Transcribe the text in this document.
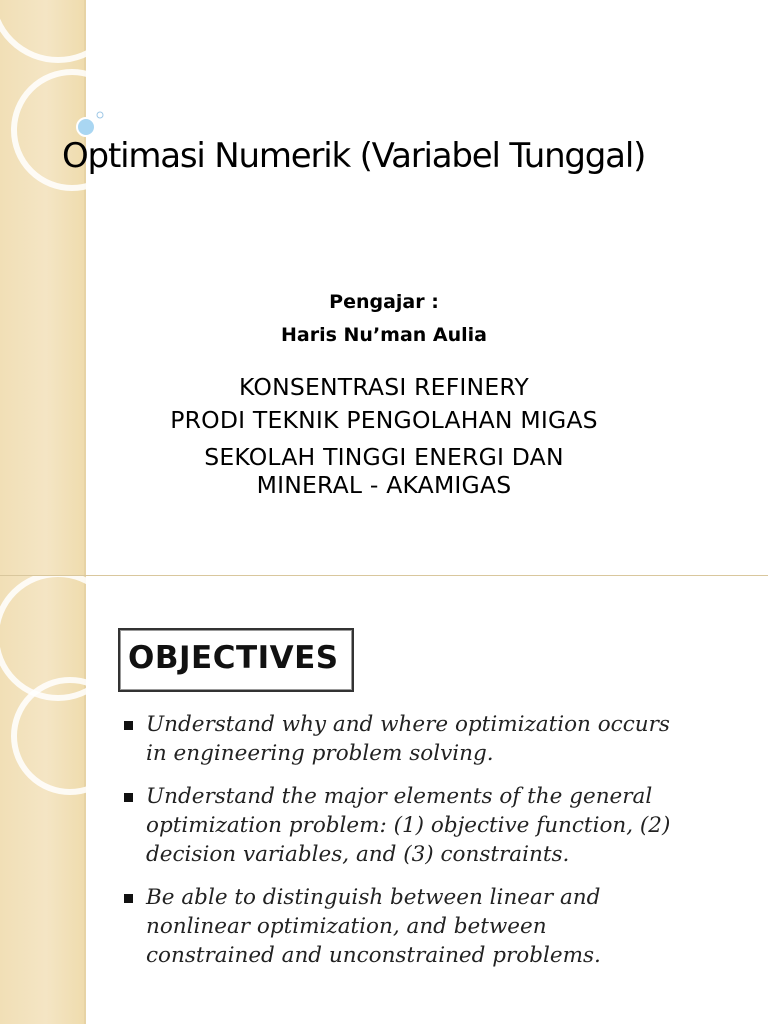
Optimasi Numerik (Variabel Tunggal)
Pengajar :
Haris Nu’man Aulia
KONSENTRASI REFINERY
PRODI TEKNIK PENGOLAHAN MIGAS
SEKOLAH TINGGI ENERGI DAN
MINERAL - AKAMIGAS
OBJECTIVES
Understand why and where optimization occurs
in engineering problem solving.
Understand the major elements of the general
optimization problem: (1) objective function, (2)
decision variables, and (3) constraints.
Be able to distinguish between linear and
nonlinear optimization, and between
constrained and unconstrained problems.
